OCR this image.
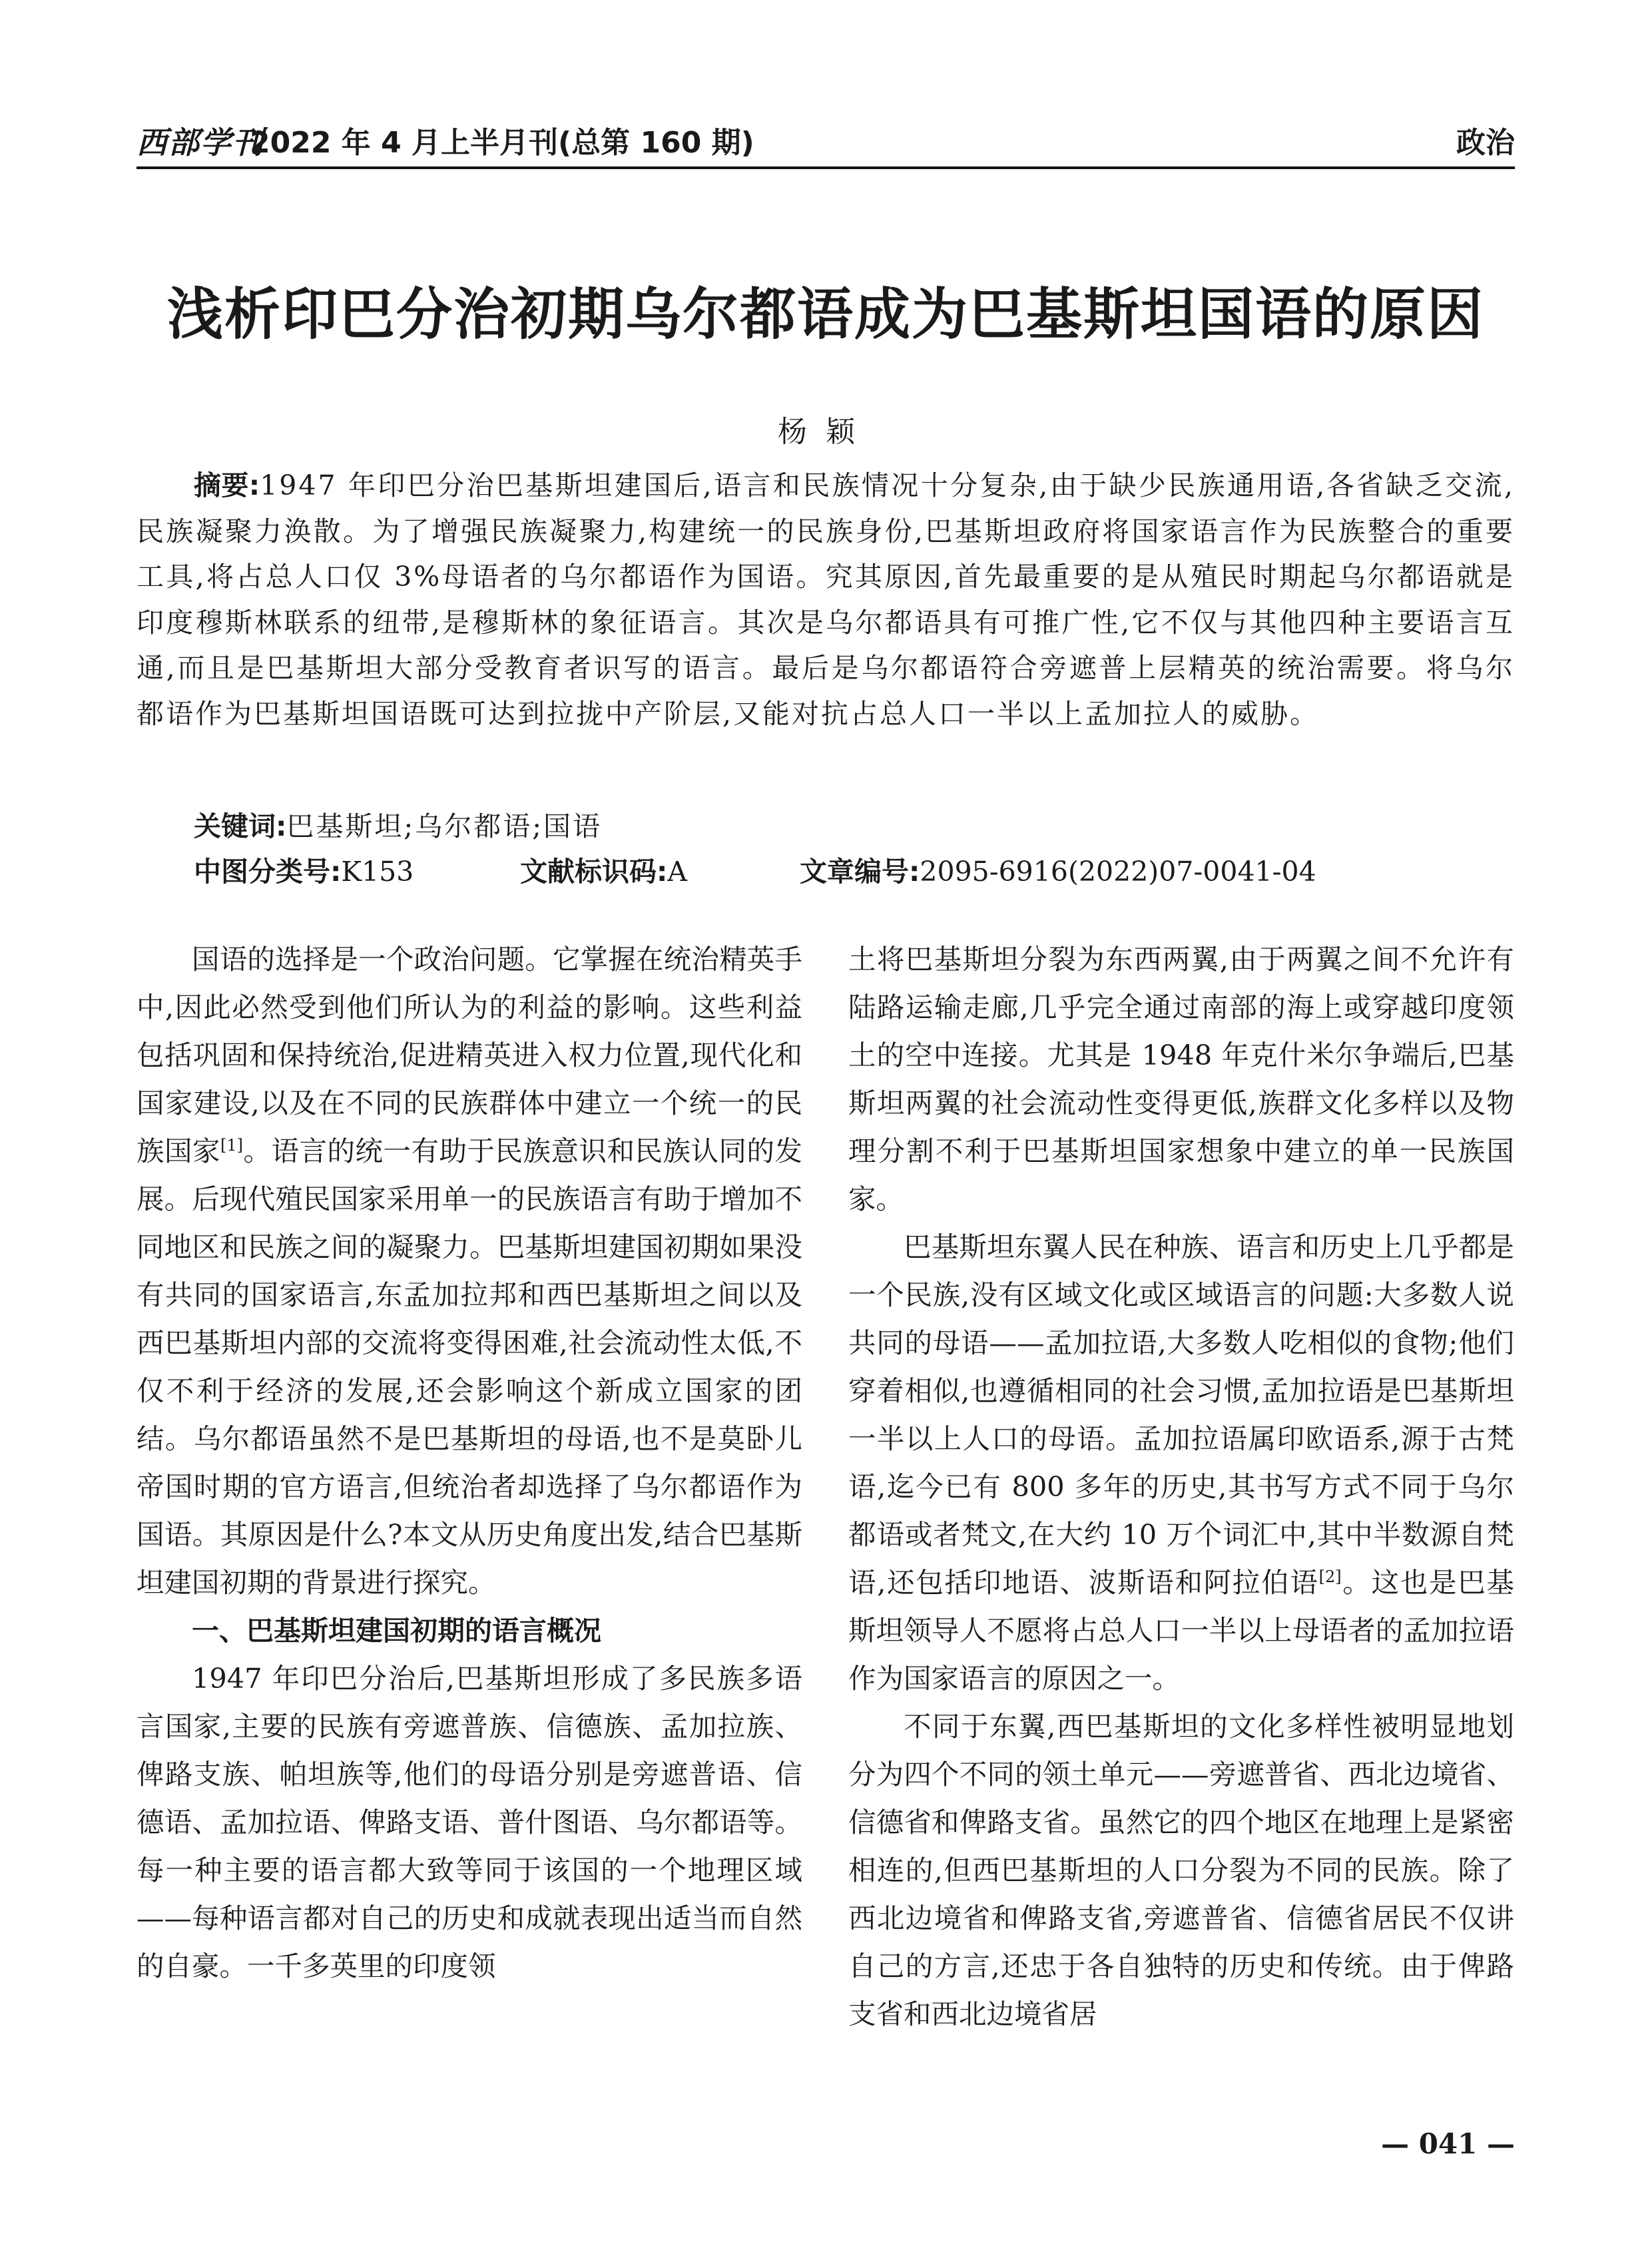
西部学刊
2022 年 4 月上半月刊(总第 160 期)	政治
浅析印巴分治初期乌尔都语成为巴基斯坦国语的原因
杨颖

摘要:1947 年印巴分治巴基斯坦建国后,语言和民族情况十分复杂,由于缺少民族通用语,各省缺乏交流,民族凝聚力涣散。为了增强民族凝聚力,构建统一的民族身份,巴基斯坦政府将国家语言作为民族整合的重要工具,将占总人口仅 3%母语者的乌尔都语作为国语。究其原因,首先最重要的是从殖民时期起乌尔都语就是印度穆斯林联系的纽带,是穆斯林的象征语言。其次是乌尔都语具有可推广性,它不仅与其他四种主要语言互通,而且是巴基斯坦大部分受教育者识写的语言。最后是乌尔都语符合旁遮普上层精英的统治需要。将乌尔都语作为巴基斯坦国语既可达到拉拢中产阶层,又能对抗占总人口一半以上孟加拉人的威胁。

关键词:巴基斯坦;乌尔都语;国语
中图分类号:K153	文献标识码:A	文章编号:2095-6916(2022)07-0041-04

国语的选择是一个政治问题。它掌握在统治精英手中,因此必然受到他们所认为的利益的影响。这些利益包括巩固和保持统治,促进精英进入权力位置,现代化和国家建设,以及在不同的民族群体中建立一个统一的民族国家[1]。语言的统一有助于民族意识和民族认同的发展。后现代殖民国家采用单一的民族语言有助于增加不同地区和民族之间的凝聚力。巴基斯坦建国初期如果没有共同的国家语言,东孟加拉邦和西巴基斯坦之间以及西巴基斯坦内部的交流将变得困难,社会流动性太低,不仅不利于经济的发展,还会影响这个新成立国家的团结。乌尔都语虽然不是巴基斯坦的母语,也不是莫卧儿帝国时期的官方语言,但统治者却选择了乌尔都语作为国语。其原因是什么?本文从历史角度出发,结合巴基斯坦建国初期的背景进行探究。

一、巴基斯坦建国初期的语言概况

1947 年印巴分治后,巴基斯坦形成了多民族多语言国家,主要的民族有旁遮普族、信德族、孟加拉族、俾路支族、帕坦族等,他们的母语分别是旁遮普语、信德语、孟加拉语、俾路支语、普什图语、乌尔都语等。每一种主要的语言都大致等同于该国的一个地理区域——每种语言都对自己的历史和成就表现出适当而自然的自豪。一千多英里的印度领

土将巴基斯坦分裂为东西两翼,由于两翼之间不允许有陆路运输走廊,几乎完全通过南部的海上或穿越印度领土的空中连接。尤其是 1948 年克什米尔争端后,巴基斯坦两翼的社会流动性变得更低,族群文化多样以及物理分割不利于巴基斯坦国家想象中建立的单一民族国家。

巴基斯坦东翼人民在种族、语言和历史上几乎都是一个民族,没有区域文化或区域语言的问题:大多数人说共同的母语——孟加拉语,大多数人吃相似的食物;他们穿着相似,也遵循相同的社会习惯,孟加拉语是巴基斯坦一半以上人口的母语。孟加拉语属印欧语系,源于古梵语,迄今已有 800 多年的历史,其书写方式不同于乌尔都语或者梵文,在大约 10 万个词汇中,其中半数源自梵语,还包括印地语、波斯语和阿拉伯语[2]。这也是巴基斯坦领导人不愿将占总人口一半以上母语者的孟加拉语作为国家语言的原因之一。

不同于东翼,西巴基斯坦的文化多样性被明显地划分为四个不同的领土单元——旁遮普省、西北边境省、信德省和俾路支省。虽然它的四个地区在地理上是紧密相连的,但西巴基斯坦的人口分裂为不同的民族。除了西北边境省和俾路支省,旁遮普省、信德省居民不仅讲自己的方言,还忠于各自独特的历史和传统。由于俾路支省和西北边境省居

— 041 —
